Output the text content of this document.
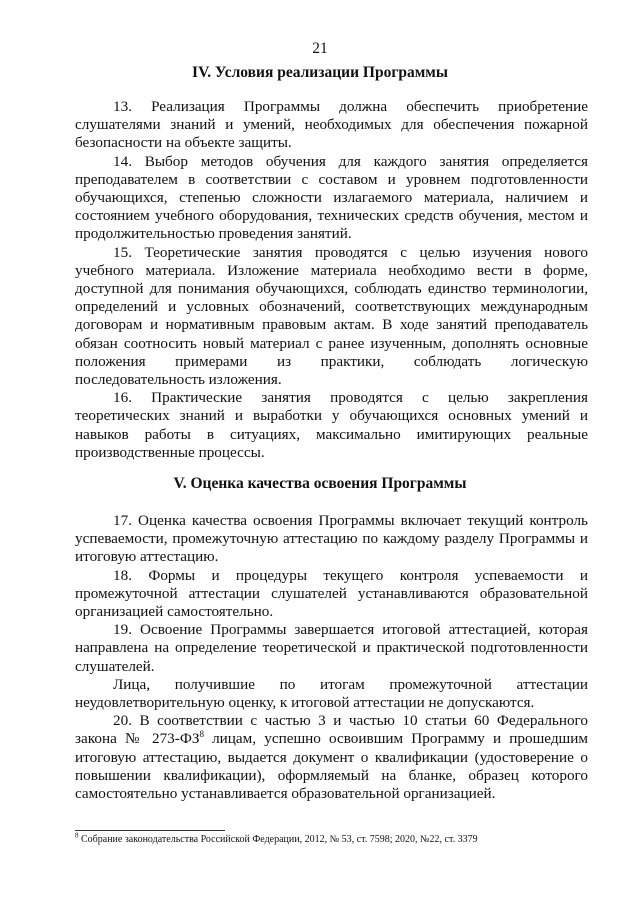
21
IV. Условия реализации Программы

13. Реализация Программы должна обеспечить приобретение слушателями знаний и умений, необходимых для обеспечения пожарной безопасности на объекте защиты.

14. Выбор методов обучения для каждого занятия определяется преподавателем в соответствии с составом и уровнем подготовленности обучающихся, степенью сложности излагаемого материала, наличием и состоянием учебного оборудования, технических средств обучения, местом и продолжительностью проведения занятий.

15. Теоретические занятия проводятся с целью изучения нового учебного материала. Изложение материала необходимо вести в форме, доступной для понимания обучающихся, соблюдать единство терминологии, определений и условных обозначений, соответствующих международным договорам и нормативным правовым актам. В ходе занятий преподаватель обязан соотносить новый материал с ранее изученным, дополнять основные положения примерами из практики, соблюдать логическую последовательность изложения.

16. Практические занятия проводятся с целью закрепления теоретических знаний и выработки у обучающихся основных умений и навыков работы в ситуациях, максимально имитирующих реальные производственные процессы.

V. Оценка качества освоения Программы

17. Оценка качества освоения Программы включает текущий контроль успеваемости, промежуточную аттестацию по каждому разделу Программы и итоговую аттестацию.

18. Формы и процедуры текущего контроля успеваемости и промежуточной аттестации слушателей устанавливаются образовательной организацией самостоятельно.

19. Освоение Программы завершается итоговой аттестацией, которая направлена на определение теоретической и практической подготовленности слушателей.

Лица, получившие по итогам промежуточной аттестации неудовлетворительную оценку, к итоговой аттестации не допускаются.

20. В соответствии с частью 3 и частью 10 статьи 60 Федерального закона № 273-ФЗ$^8$ лицам, успешно освоившим Программу и прошедшим итоговую аттестацию, выдается документ о квалификации (удостоверение о повышении квалификации), оформляемый на бланке, образец которого самостоятельно устанавливается образовательной организацией.

$^8$ Собрание законодательства Российской Федерации, 2012, № 53, ст. 7598; 2020, №22, ст. 3379
